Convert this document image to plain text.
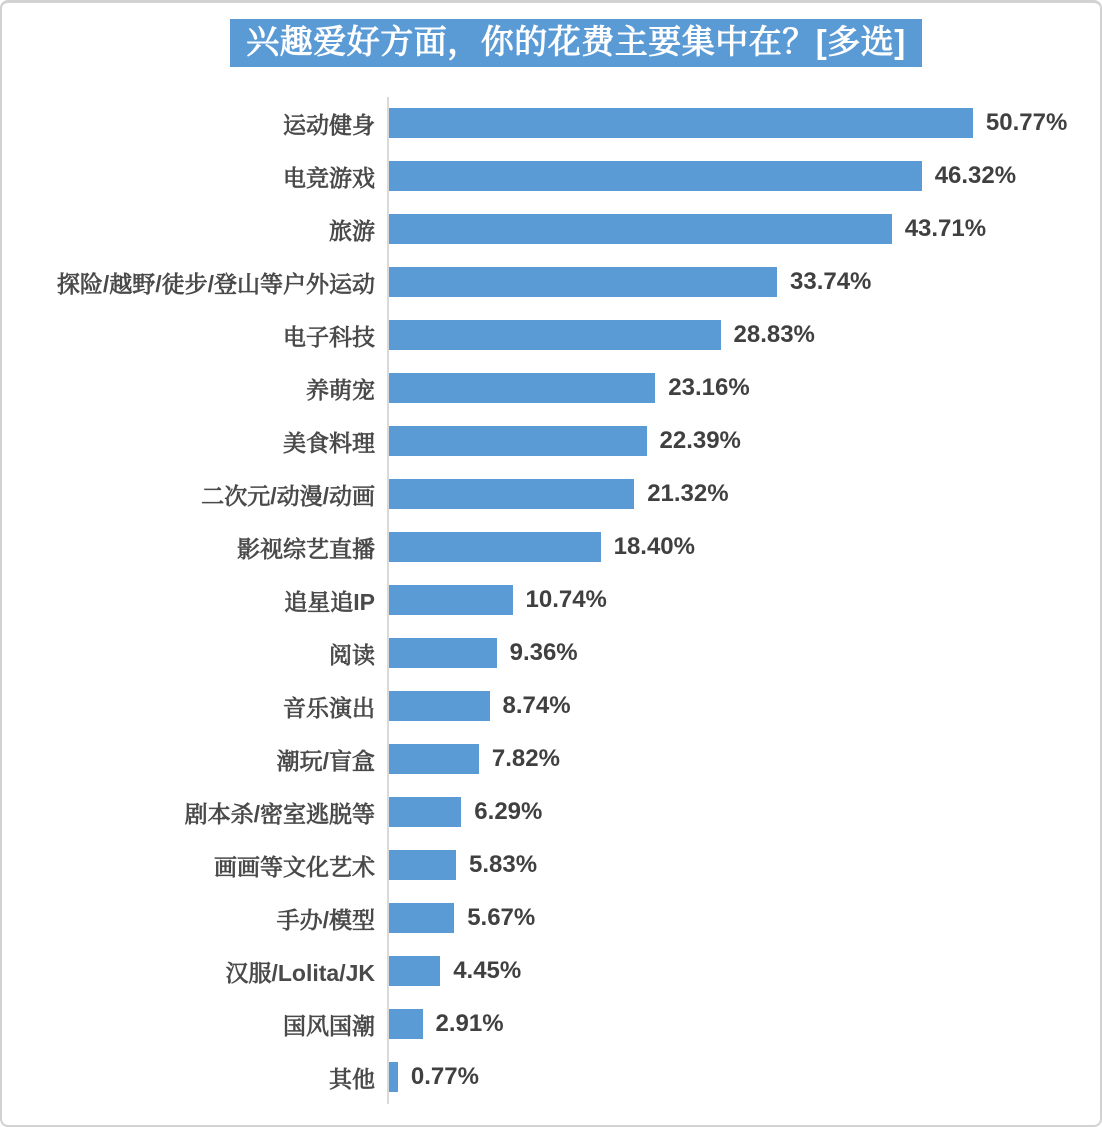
兴趣爱好方面，你的花费主要集中在？[多选]
运动健身	50.77%
电竞游戏	46.32%
旅游	43.71%
探险/越野/徒步/登山等户外运动	33.74%
电子科技	28.83%
养萌宠	23.16%
美食料理	22.39%
二次元/动漫/动画	21.32%
影视综艺直播	18.40%
追星追IP	10.74%
阅读	9.36%
音乐演出	8.74%
潮玩/盲盒	7.82%
剧本杀/密室逃脱等	6.29%
画画等文化艺术	5.83%
手办/模型	5.67%
汉服/Lolita/JK	4.45%
国风国潮	2.91%
其他	0.77%
